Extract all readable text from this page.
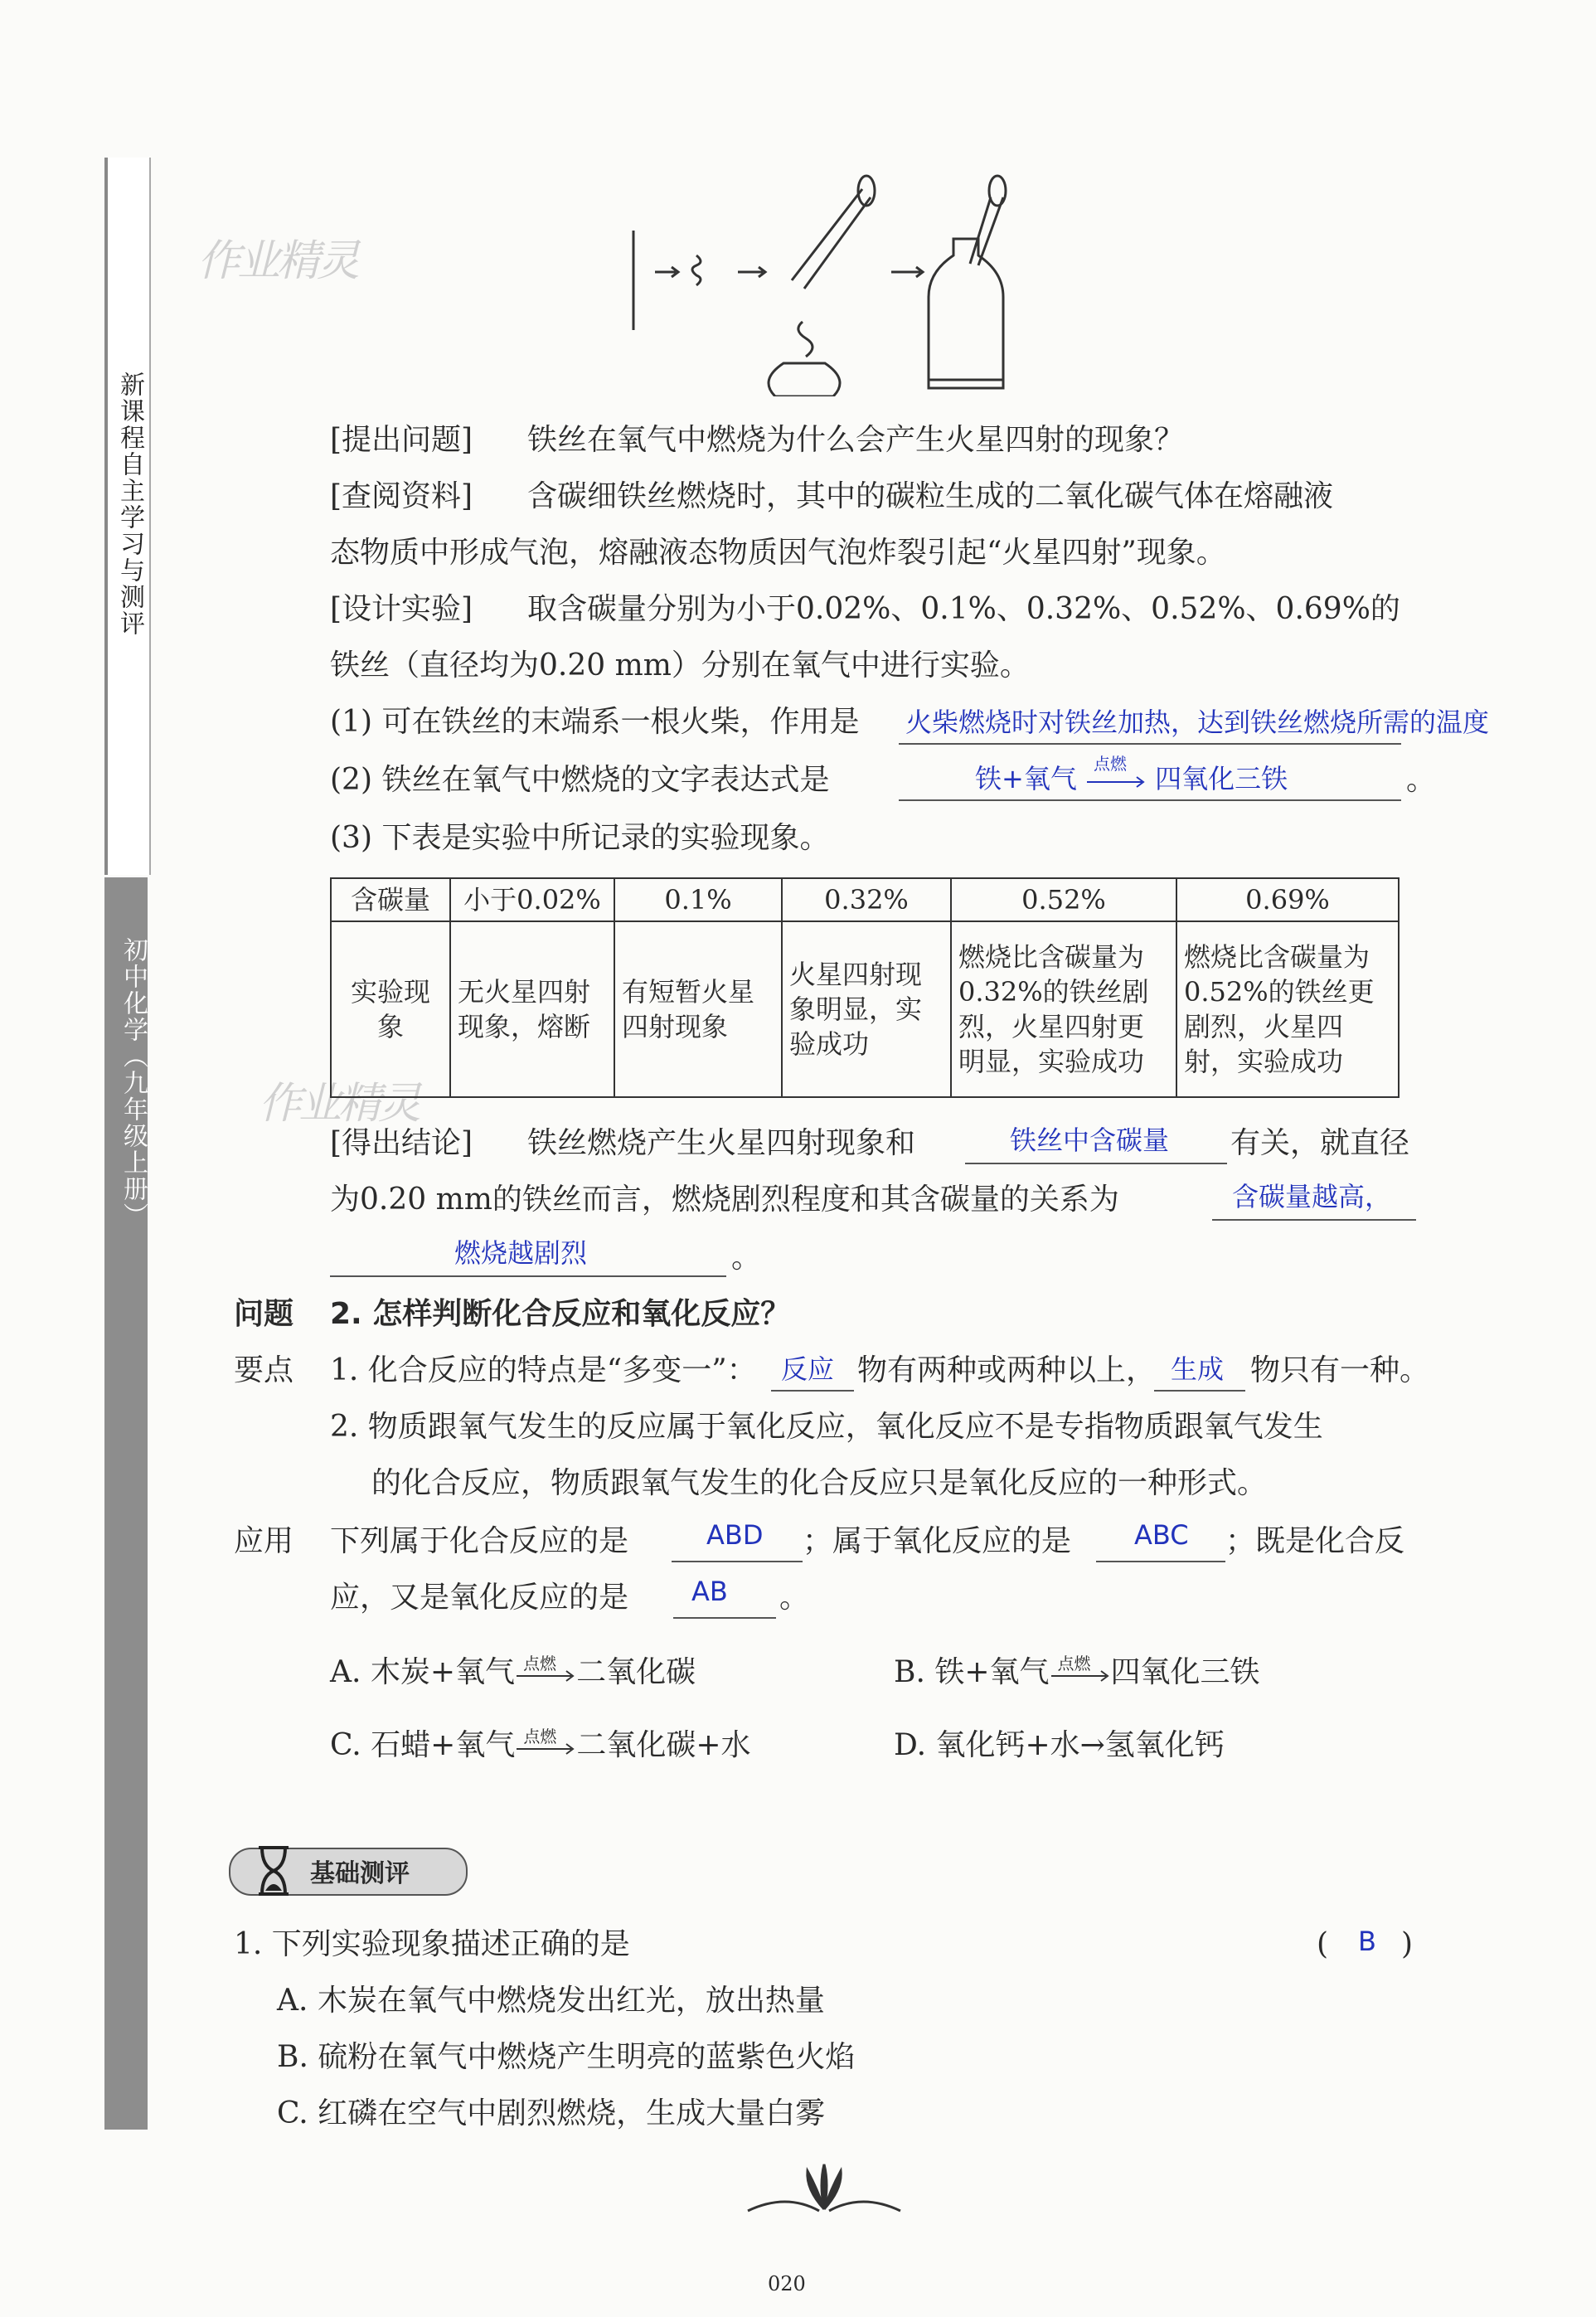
新课程自主学习与测评
初中化学（九年级上册）
作业精灵
作业精灵
[提出问题] 铁丝在氧气中燃烧为什么会产生火星四射的现象？
[查阅资料] 含碳细铁丝燃烧时，其中的碳粒生成的二氧化碳气体在熔融液
态物质中形成气泡，熔融液态物质因气泡炸裂引起“火星四射”现象。
[设计实验] 取含碳量分别为小于0.02%、0.1%、0.32%、0.52%、0.69%的
铁丝（直径均为0.20 mm）分别在氧气中进行实验。
(1) 可在铁丝的末端系一根火柴，作用是 火柴燃烧时对铁丝加热，达到铁丝燃烧所需的温度
(2) 铁丝在氧气中燃烧的文字表达式是	铁+氧气 点燃 四氧化三铁	。
(3) 下表是实验中所记录的实验现象。
含碳量	小于0.02%	0.1%	0.32%	0.52%	0.69%
实验现象	无火星四射现象，熔断	有短暂火星四射现象	火星四射现象明显，实验成功	燃烧比含碳量为0.32%的铁丝剧烈，火星四射更明显，实验成功	燃烧比含碳量为0.52%的铁丝更剧烈，火星四射，实验成功
[得出结论] 铁丝燃烧产生火星四射现象和	铁丝中含碳量 有关，就直径
为0.20 mm的铁丝而言，燃烧剧烈程度和其含碳量的关系为	含碳量越高，
燃烧越剧烈	。
问题 2. 怎样判断化合反应和氧化反应？
要点 1. 化合反应的特点是“多变一”： 反应 物有两种或两种以上， 生成 物只有一种。
2. 物质跟氧气发生的反应属于氧化反应，氧化反应不是专指物质跟氧气发生
的化合反应，物质跟氧气发生的化合反应只是氧化反应的一种形式。
应用 下列属于化合反应的是	ABD ；属于氧化反应的是 ABC ；既是化合反
应，又是氧化反应的是 AB 。
A. 木炭+氧气 点燃 二氧化碳	B. 铁+氧气 点燃 四氧化三铁
C. 石蜡+氧气 点燃 二氧化碳+水	D. 氧化钙+水→氢氧化钙
基础测评
1. 下列实验现象描述正确的是	( B )
A. 木炭在氧气中燃烧发出红光，放出热量
B. 硫粉在氧气中燃烧产生明亮的蓝紫色火焰
C. 红磷在空气中剧烈燃烧，生成大量白雾
020
